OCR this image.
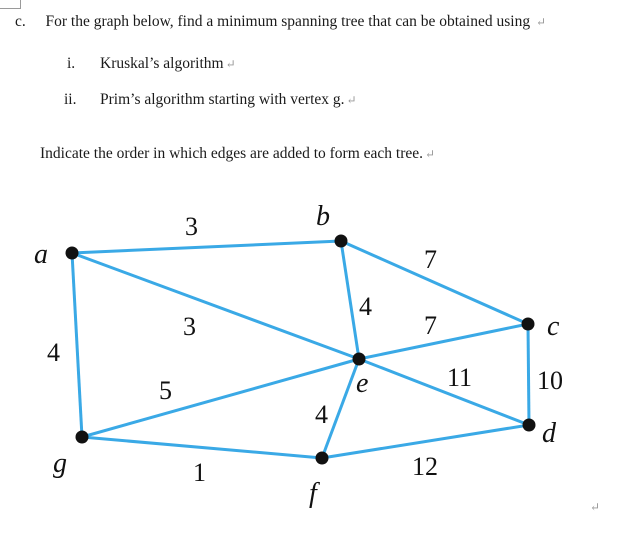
c. For the graph below, find a minimum spanning tree that can be obtained using ↵
i. Kruskal’s algorithm ↵
ii. Prim’s algorithm starting with vertex g. ↵
Indicate the order in which edges are added to form each tree. ↵
3
3
4
7
4
7
11 10
5
4
1	12
a
b
c
d
e
f
g
↵
